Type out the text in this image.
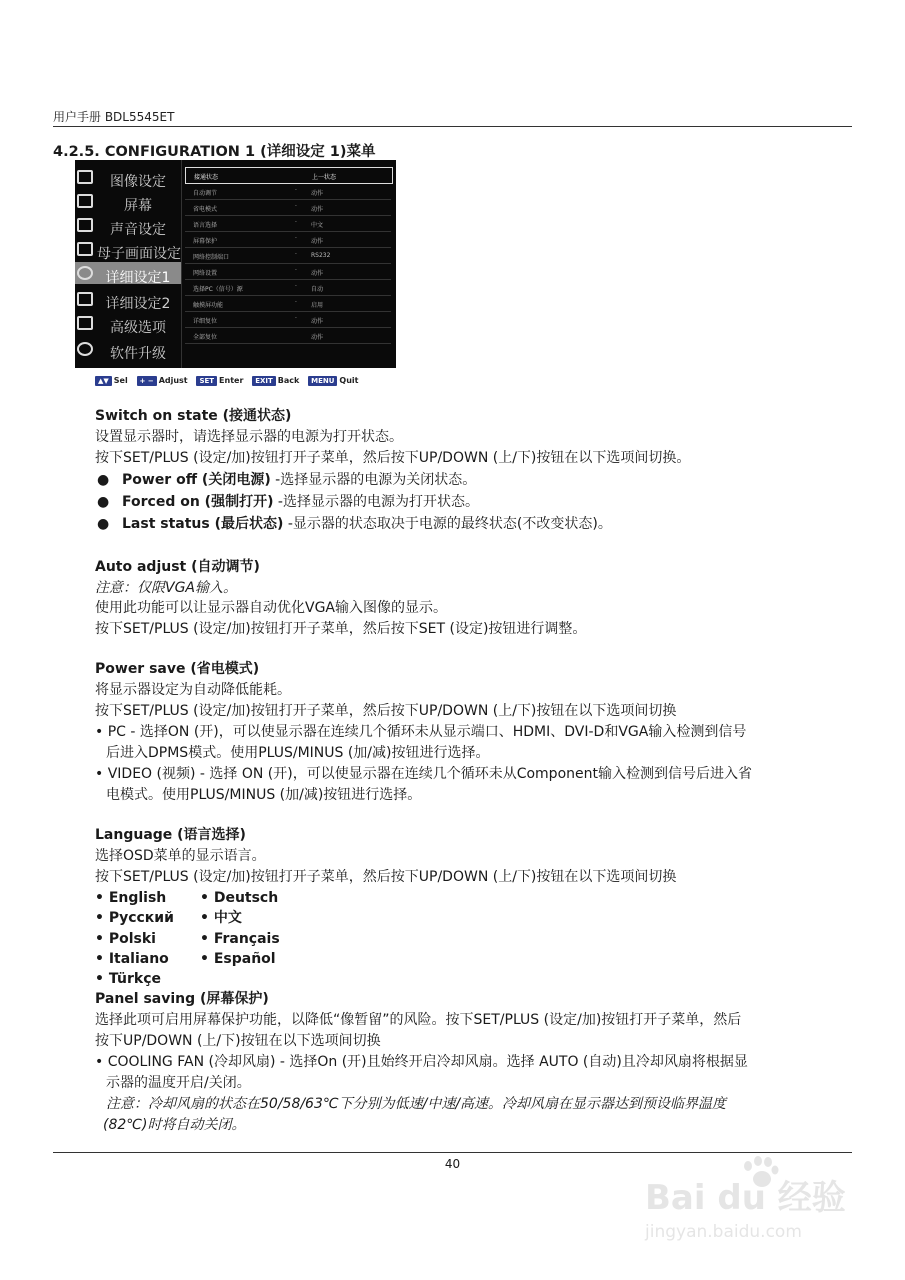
用户手册 BDL5545ET
4.2.5. CONFIGURATION 1 (详细设定 1)菜单
图像设定
屏幕
声音设定
母子画面设定
详细设定1
详细设定2
高级选项
软件升级
接通状态	上一状态
自动调节	· 动作
省电模式	· 动作
语言选择	· 中文
屏幕保护	· 动作
网络控制端口	· RS232
网络设置	· 动作
选择PC（信号）源	· 自动
触摸屏功能	· 启用
详细复位	· 动作
全部复位	动作
▲▼ Sel + − Adjust SET Enter EXIT Back MENU Quit
Switch on state (接通状态)
设置显示器时，请选择显示器的电源为打开状态。
按下SET/PLUS (设定/加)按钮打开子菜单，然后按下UP/DOWN (上/下)按钮在以下选项间切换。
● Power off (关闭电源) -选择显示器的电源为关闭状态。
● Forced on (强制打开) -选择显示器的电源为打开状态。
● Last status (最后状态) -显示器的状态取决于电源的最终状态(不改变状态)。
Auto adjust (自动调节)
注意：仅限VGA输入。
使用此功能可以让显示器自动优化VGA输入图像的显示。
按下SET/PLUS (设定/加)按钮打开子菜单，然后按下SET (设定)按钮进行调整。
Power save (省电模式)
将显示器设定为自动降低能耗。
按下SET/PLUS (设定/加)按钮打开子菜单，然后按下UP/DOWN (上/下)按钮在以下选项间切换
• PC - 选择ON (开)，可以使显示器在连续几个循环未从显示端口、HDMI、DVI-D和VGA输入检测到信号
后进入DPMS模式。使用PLUS/MINUS (加/减)按钮进行选择。
• VIDEO (视频) - 选择 ON (开)，可以使显示器在连续几个循环未从Component输入检测到信号后进入省
电模式。使用PLUS/MINUS (加/减)按钮进行选择。
Language (语言选择)
选择OSD菜单的显示语言。
按下SET/PLUS (设定/加)按钮打开子菜单，然后按下UP/DOWN (上/下)按钮在以下选项间切换
• English
• Русский
• Polski
• Italiano
• Türkçe
• Deutsch
• 中文
• Français
• Español
Panel saving (屏幕保护)
选择此项可启用屏幕保护功能，以降低“像暂留”的风险。按下SET/PLUS (设定/加)按钮打开子菜单，然后
按下UP/DOWN (上/下)按钮在以下选项间切换
• COOLING FAN (冷却风扇) - 选择On (开)且始终开启冷却风扇。选择 AUTO (自动)且冷却风扇将根据显
示器的温度开启/关闭。
注意：冷却风扇的状态在50/58/63℃下分别为低速/中速/高速。冷却风扇在显示器达到预设临界温度
(82℃)时将自动关闭。
40
Bai du 经验
jingyan.baidu.com
